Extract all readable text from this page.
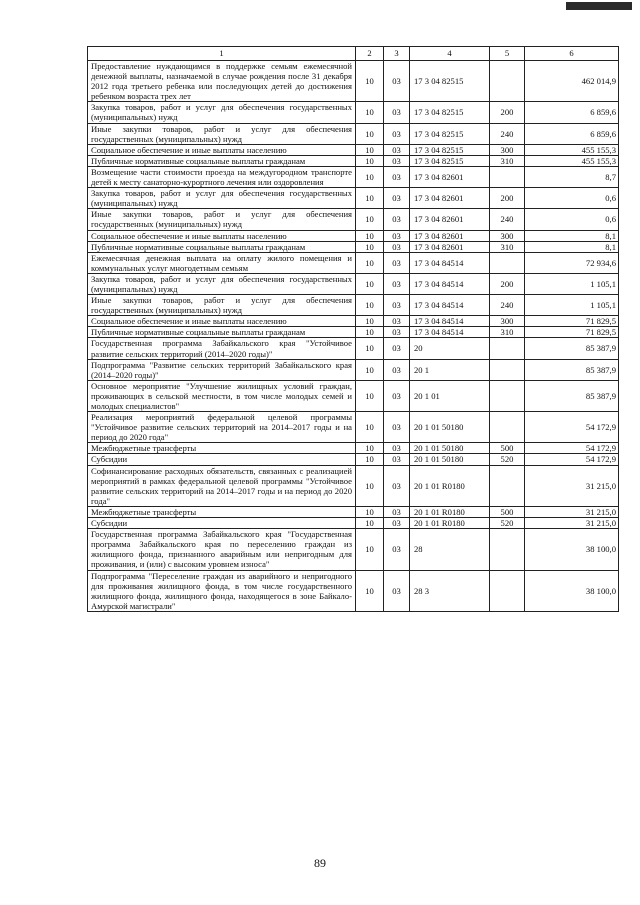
1	2	3	4	5	6
Предоставление нуждающимся в поддержке семьям ежемесячной денежной выплаты, назначаемой в случае рождения после 31 декабря 2012 года третьего ребенка или последующих детей до достижения ребенком возраста трех лет	10	03	17 3 04 82515		462 014,9
Закупка товаров, работ и услуг для обеспечения государственных (муниципальных) нужд	10	03	17 3 04 82515	200	6 859,6
Иные закупки товаров, работ и услуг для обеспечения государственных (муниципальных) нужд	10	03	17 3 04 82515	240	6 859,6
Социальное обеспечение и иные выплаты населению	10	03	17 3 04 82515	300	455 155,3
Публичные нормативные социальные выплаты гражданам	10	03	17 3 04 82515	310	455 155,3
Возмещение части стоимости проезда на междугородном транспорте детей к месту санаторно-курортного лечения или оздоровления	10	03	17 3 04 82601		8,7
Закупка товаров, работ и услуг для обеспечения государственных (муниципальных) нужд	10	03	17 3 04 82601	200	0,6
Иные закупки товаров, работ и услуг для обеспечения государственных (муниципальных) нужд	10	03	17 3 04 82601	240	0,6
Социальное обеспечение и иные выплаты населению	10	03	17 3 04 82601	300	8,1
Публичные нормативные социальные выплаты гражданам	10	03	17 3 04 82601	310	8,1
Ежемесячная денежная выплата на оплату жилого помещения и коммунальных услуг многодетным семьям	10	03	17 3 04 84514		72 934,6
Закупка товаров, работ и услуг для обеспечения государственных (муниципальных) нужд	10	03	17 3 04 84514	200	1 105,1
Иные закупки товаров, работ и услуг для обеспечения государственных (муниципальных) нужд	10	03	17 3 04 84514	240	1 105,1
Социальное обеспечение и иные выплаты населению	10	03	17 3 04 84514	300	71 829,5
Публичные нормативные социальные выплаты гражданам	10	03	17 3 04 84514	310	71 829,5
Государственная программа Забайкальского края "Устойчивое развитие сельских территорий (2014–2020 годы)"	10	03	20		85 387,9
Подпрограмма "Развитие сельских территорий Забайкальского края (2014–2020 годы)"	10	03	20 1		85 387,9
Основное мероприятие "Улучшение жилищных условий граждан, проживающих в сельской местности, в том числе молодых семей и молодых специалистов"	10	03	20 1 01		85 387,9
Реализация мероприятий федеральной целевой программы "Устойчивое развитие сельских территорий на 2014–2017 годы и на период до 2020 года"	10	03	20 1 01 50180		54 172,9
Межбюджетные трансферты	10	03	20 1 01 50180	500	54 172,9
Субсидии	10	03	20 1 01 50180	520	54 172,9
Софинансирование расходных обязательств, связанных с реализацией мероприятий в рамках федеральной целевой программы "Устойчивое развитие сельских территорий на 2014–2017 годы и на период до 2020 года"	10	03	20 1 01 R0180		31 215,0
Межбюджетные трансферты	10	03	20 1 01 R0180	500	31 215,0
Субсидии	10	03	20 1 01 R0180	520	31 215,0
Государственная программа Забайкальского края "Государственная программа Забайкальского края по переселению граждан из жилищного фонда, признанного аварийным или непригодным для проживания, и (или) с высоким уровнем износа"	10	03	28		38 100,0
Подпрограмма "Переселение граждан из аварийного и непригодного для проживания жилищного фонда, в том числе государственного жилищного фонда, жилищного фонда, находящегося в зоне Байкало-Амурской магистрали"	10	03	28 3		38 100,0
89
